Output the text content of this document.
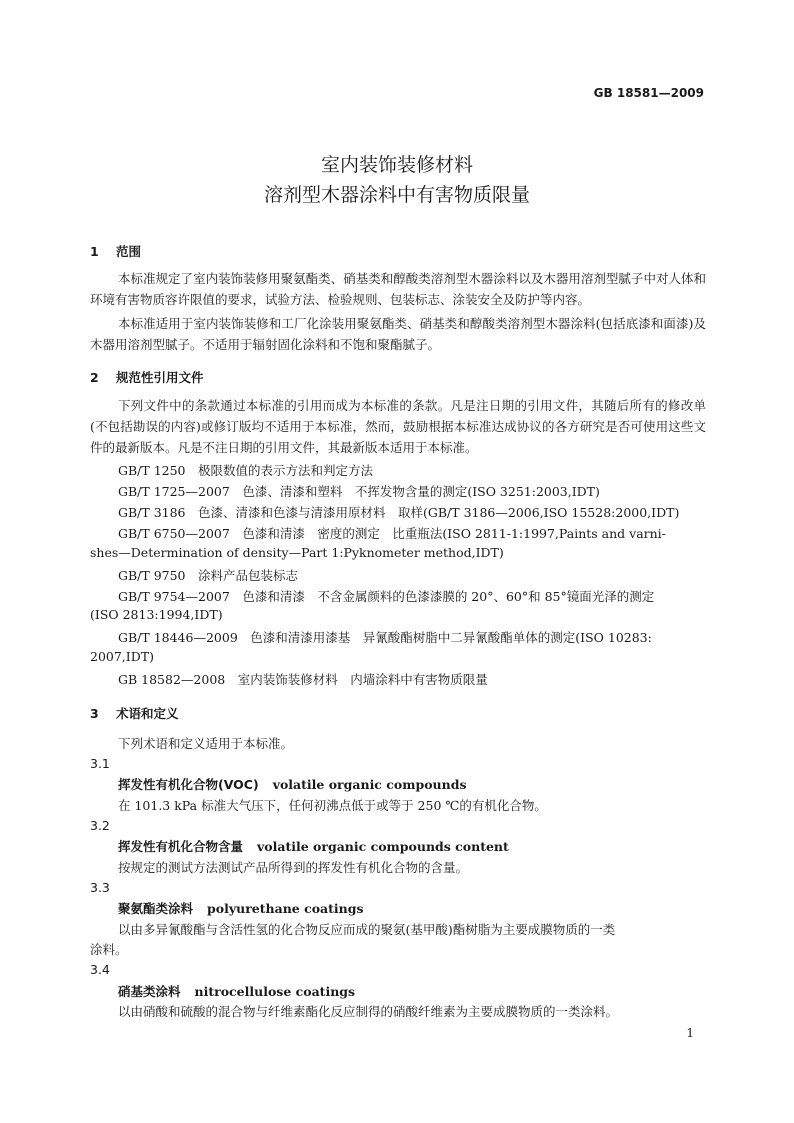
GB 18581—2009
室内装饰装修材料
溶剂型木器涂料中有害物质限量
1 范围
本标准规定了室内装饰装修用聚氨酯类、硝基类和醇酸类溶剂型木器涂料以及木器用溶剂型腻子中对人体和环境有害物质容许限值的要求，试验方法、检验规则、包装标志、涂装安全及防护等内容。
本标准适用于室内装饰装修和工厂化涂装用聚氨酯类、硝基类和醇酸类溶剂型木器涂料(包括底漆和面漆)及木器用溶剂型腻子。不适用于辐射固化涂料和不饱和聚酯腻子。
2 规范性引用文件
下列文件中的条款通过本标准的引用而成为本标准的条款。凡是注日期的引用文件，其随后所有的修改单(不包括勘误的内容)或修订版均不适用于本标准，然而，鼓励根据本标准达成协议的各方研究是否可使用这些文件的最新版本。凡是不注日期的引用文件，其最新版本适用于本标准。
GB/T 1250　极限数值的表示方法和判定方法
GB/T 1725—2007　色漆、清漆和塑料　不挥发物含量的测定(ISO 3251:2003,IDT)
GB/T 3186　色漆、清漆和色漆与清漆用原材料　取样(GB/T 3186—2006,ISO 15528:2000,IDT)
GB/T 6750—2007　色漆和清漆　密度的测定　比重瓶法(ISO 2811-1:1997,Paints and varni-
shes—Determination of density—Part 1:Pyknometer method,IDT)
GB/T 9750　涂料产品包装标志
GB/T 9754—2007　色漆和清漆　不含金属颜料的色漆漆膜的 20°、60°和 85°镜面光泽的测定
(ISO 2813:1994,IDT)
GB/T 18446—2009　色漆和清漆用漆基　异氰酸酯树脂中二异氰酸酯单体的测定(ISO 10283:
2007,IDT)
GB 18582—2008　室内装饰装修材料　内墙涂料中有害物质限量
3 术语和定义
下列术语和定义适用于本标准。
3.1
挥发性有机化合物(VOC) volatile organic compounds
在 101.3 kPa 标准大气压下，任何初沸点低于或等于 250 ℃的有机化合物。
3.2
挥发性有机化合物含量 volatile organic compounds content
按规定的测试方法测试产品所得到的挥发性有机化合物的含量。
3.3
聚氨酯类涂料 polyurethane coatings
以由多异氰酸酯与含活性氢的化合物反应而成的聚氨(基甲酸)酯树脂为主要成膜物质的一类
涂料。
3.4
硝基类涂料 nitrocellulose coatings
以由硝酸和硫酸的混合物与纤维素酯化反应制得的硝酸纤维素为主要成膜物质的一类涂料。
1
